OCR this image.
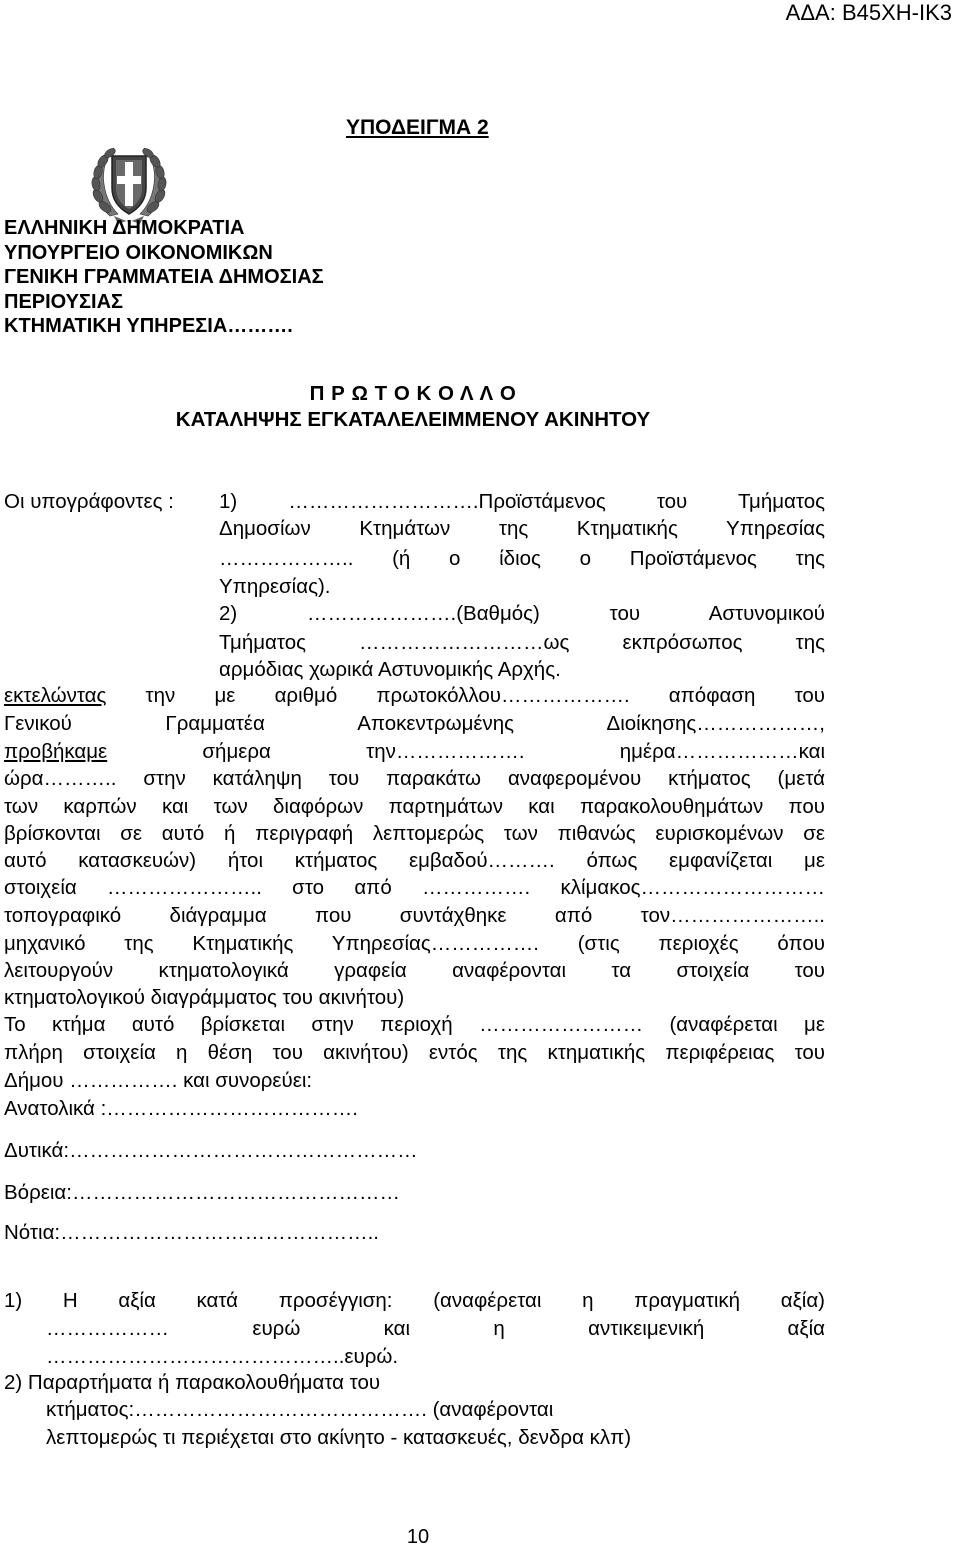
ΑΔΑ: Β45ΧΗ-ΙΚ3
ΥΠΟΔΕΙΓΜΑ 2
ΕΛΛΗΝΙΚΗ ΔΗΜΟΚΡΑΤΙΑ
ΥΠΟΥΡΓΕΙΟ ΟΙΚΟΝΟΜΙΚΩΝ
ΓΕΝΙΚΗ ΓΡΑΜΜΑΤΕΙΑ ΔΗΜΟΣΙΑΣ
ΠΕΡΙΟΥΣΙΑΣ
ΚΤΗΜΑΤΙΚΗ ΥΠΗΡΕΣΙΑ……….
Π Ρ Ω Τ Ο Κ Ο Λ Λ Ο
ΚΑΤΑΛΗΨΗΣ ΕΓΚΑΤΑΛΕΛΕΙΜΜΕΝΟΥ ΑΚΙΝΗΤΟΥ
Οι υπογράφοντες : 1) ……………………….Προϊστάμενος του Τμήματος
Δημοσίων Κτημάτων της Κτηματικής Υπηρεσίας
……………….. (ή ο ίδιος ο Προϊστάμενος της
Υπηρεσίας).
2) ………………….(Βαθμός) του Αστυνομικού
Τμήματος ………………………ως εκπρόσωπος της
αρμόδιας χωρικά Αστυνομικής Αρχής.
εκτελώντας την με αριθμό πρωτοκόλλου………………. απόφαση του
Γενικού Γραμματέα Αποκεντρωμένης Διοίκησης………………,
προβήκαμε	σήμερα την………………. ημέρα………………και
ώρα……….. στην κατάληψη του παρακάτω αναφερομένου κτήματος (μετά
των καρπών και των διαφόρων παρτημάτων και παρακολουθημάτων που
βρίσκονται σε αυτό ή περιγραφή λεπτομερώς των πιθανώς ευρισκομένων σε
αυτό κατασκευών) ήτοι κτήματος εμβαδού………. όπως εμφανίζεται με
στοιχεία ………………….. στο από ……………. κλίμακος………………………
τοπογραφικό διάγραμμα που συντάχθηκε από τον…………………..
μηχανικό της Κτηματικής Υπηρεσίας……………. (στις περιοχές όπου
λειτουργούν κτηματολογικά γραφεία αναφέρονται τα στοιχεία του
κτηματολογικού διαγράμματος του ακινήτου)
Το κτήμα αυτό βρίσκεται στην περιοχή …………………… (αναφέρεται με
πλήρη στοιχεία η θέση του ακινήτου) εντός της κτηματικής περιφέρειας του
Δήμου ……………. και συνορεύει:
Ανατολικά :……………………………….
Δυτικά:……………………………………………
Βόρεια:…………………………………………
Νότια:………………………………………..
1) Η αξία κατά προσέγγιση: (αναφέρεται η πραγματική αξία)
……………… ευρώ και η αντικειμενική αξία
……………………………………..ευρώ.
2) Παραρτήματα ή παρακολουθήματα του
κτήματος:……………………………………. (αναφέρονται
λεπτομερώς τι περιέχεται στο ακίνητο - κατασκευές, δενδρα κλπ)
10
